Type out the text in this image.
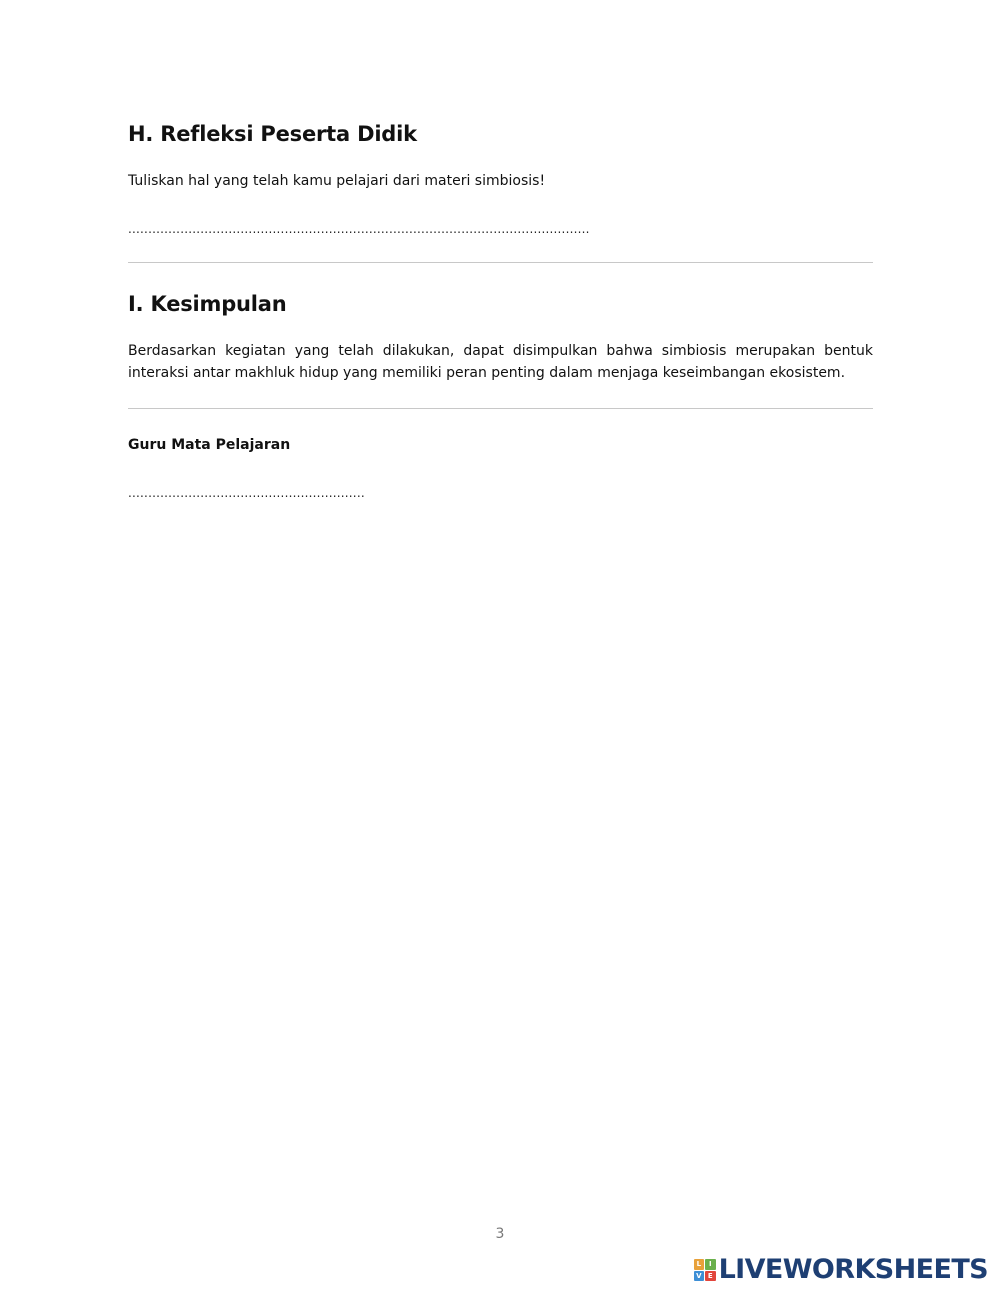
H. Refleksi Peserta Didik
Tuliskan hal yang telah kamu pelajari dari materi simbiosis!
...................................................................................................................
I. Kesimpulan
Berdasarkan kegiatan yang telah dilakukan, dapat disimpulkan bahwa simbiosis merupakan bentuk interaksi antar makhluk hidup yang memiliki peran penting dalam menjaga keseimbangan ekosistem.
Guru Mata Pelajaran
...........................................................
3
L	I
V E LIVEWORKSHEETS
